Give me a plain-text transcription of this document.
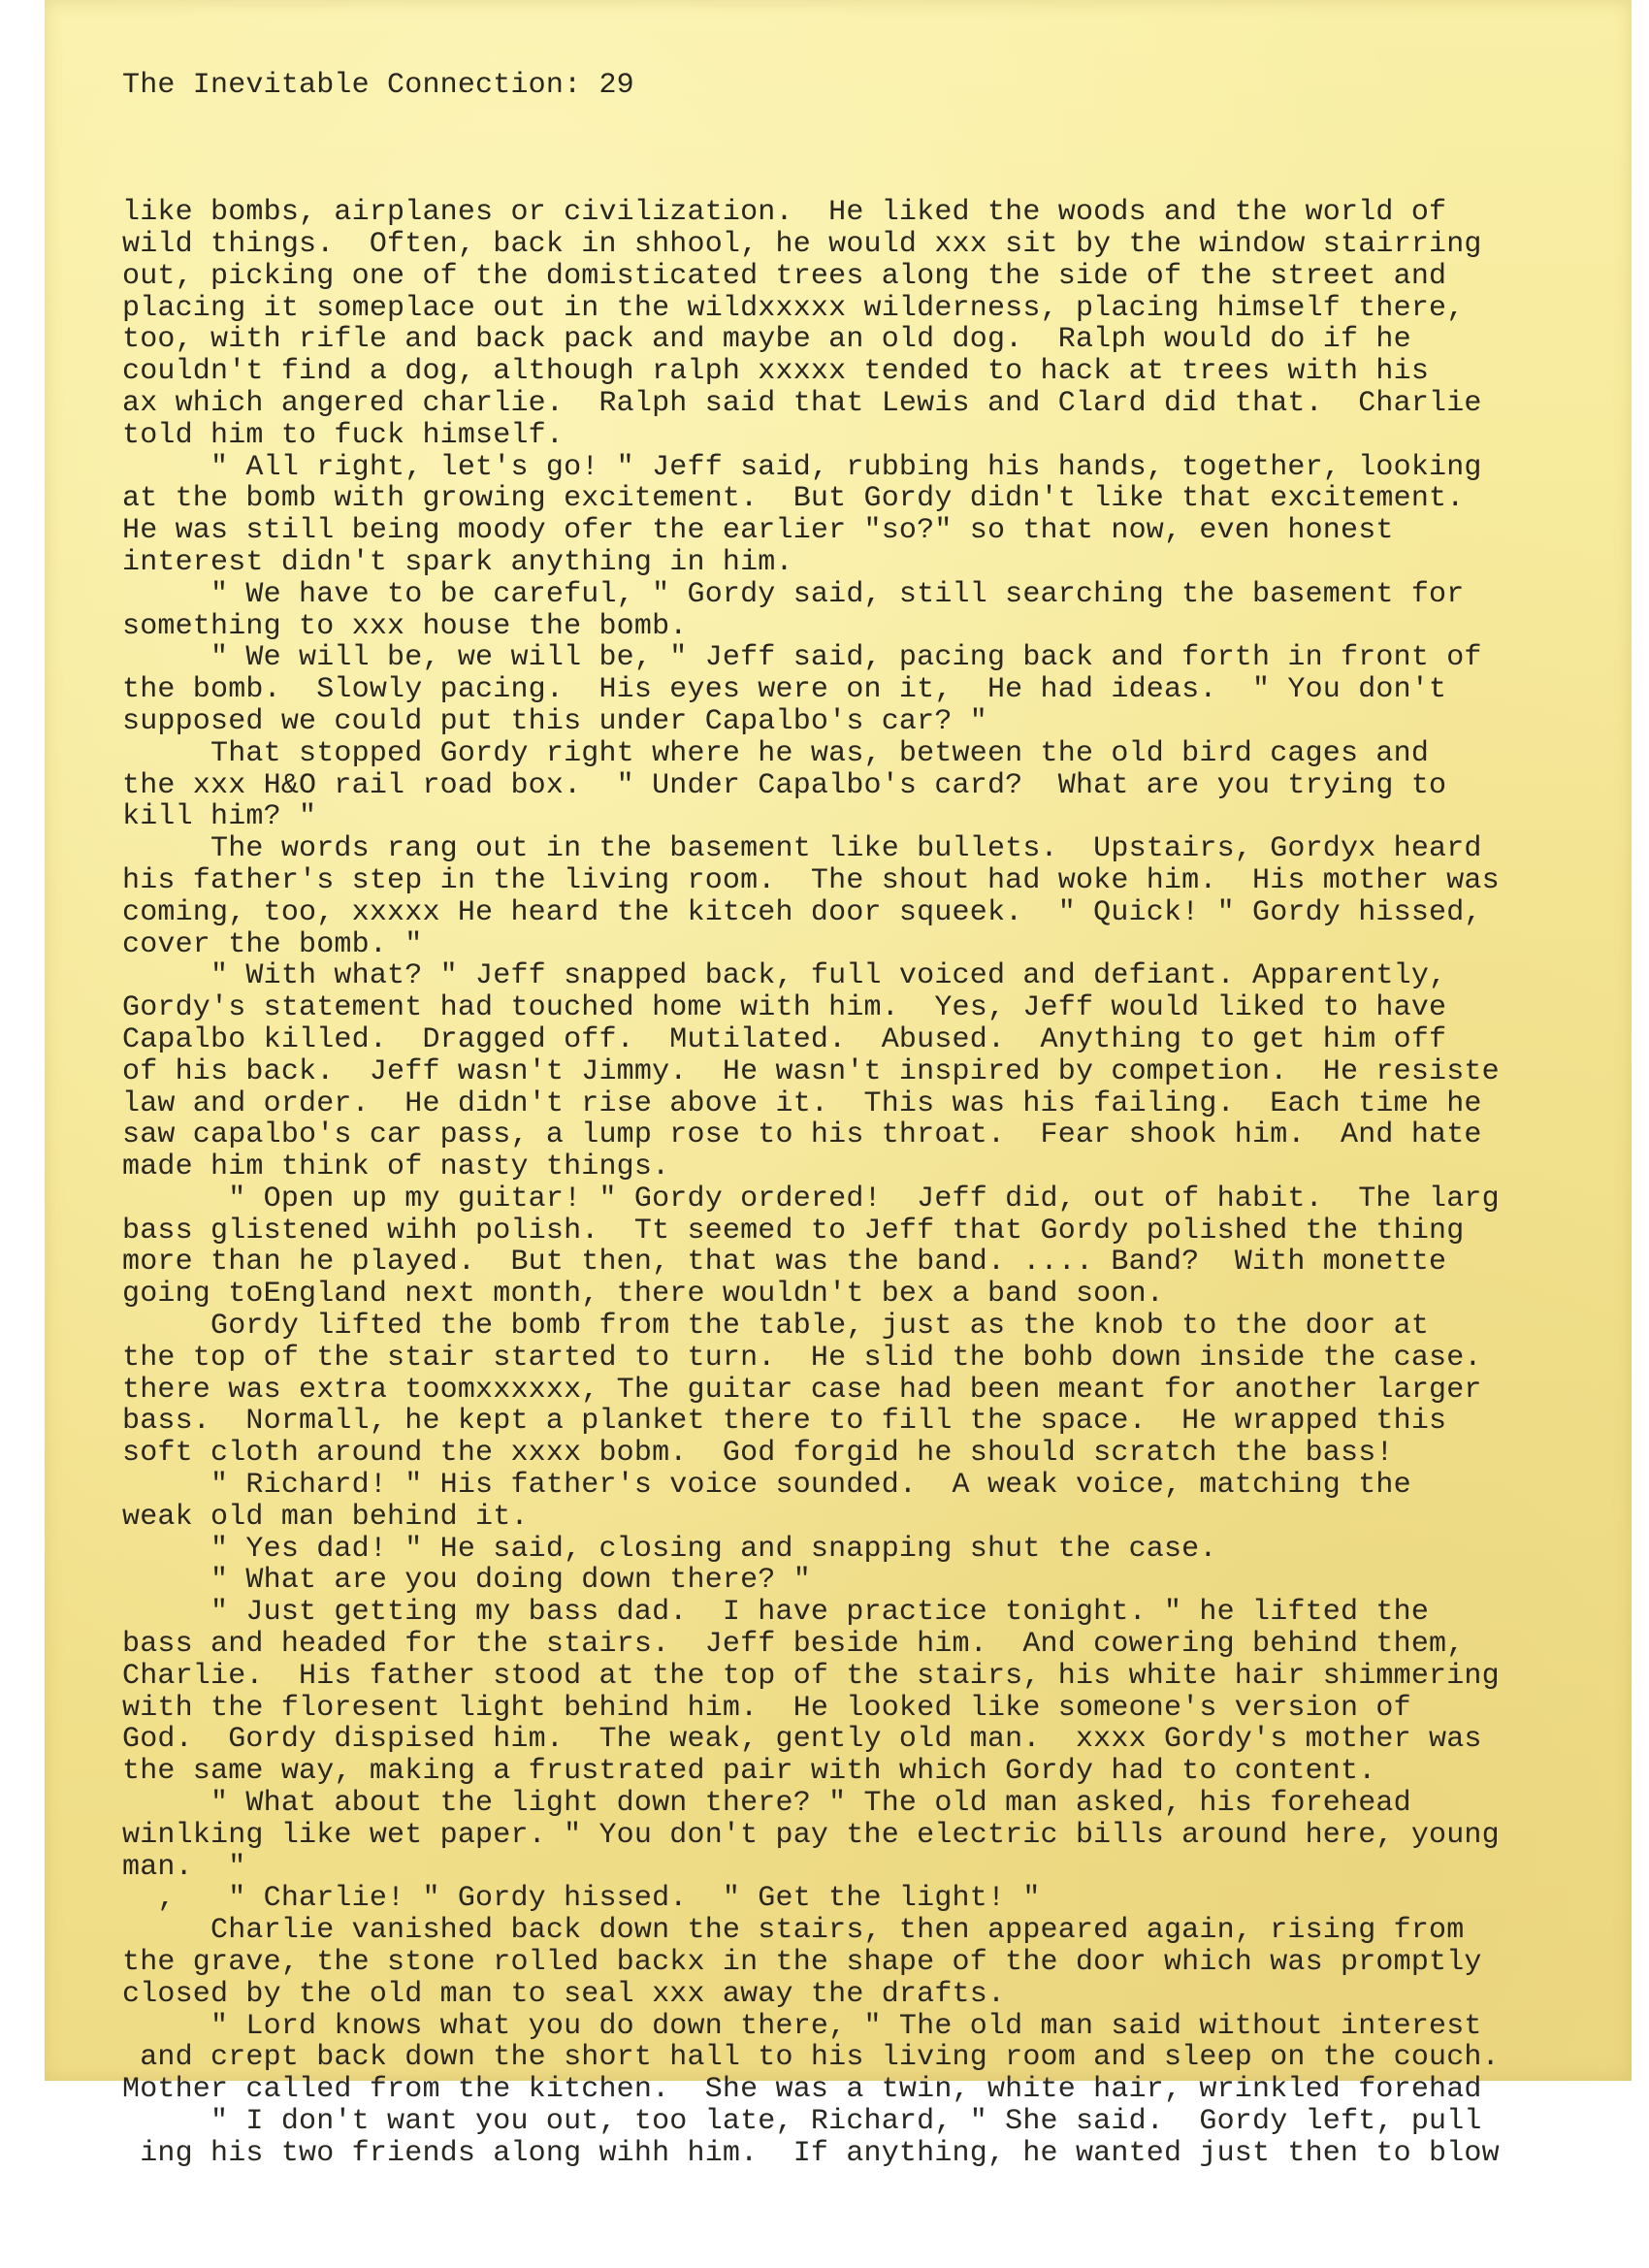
The Inevitable Connection: 29

like bombs, airplanes or civilization.  He liked the woods and the world of
wild things.  Often, back in shhool, he would xxx sit by the window stairring
out, picking one of the domisticated trees along the side of the street and
placing it someplace out in the wildxxxxx wilderness, placing himself there,
too, with rifle and back pack and maybe an old dog.  Ralph would do if he
couldn't find a dog, although ralph xxxxx tended to hack at trees with his
ax which angered charlie.  Ralph said that Lewis and Clard did that.  Charlie
told him to fuck himself.
" All right, let's go! " Jeff said, rubbing his hands, together, looking
at the bomb with growing excitement.  But Gordy didn't like that excitement.
He was still being moody ofer the earlier "so?" so that now, even honest
interest didn't spark anything in him.
" We have to be careful, " Gordy said, still searching the basement for
something to xxx house the bomb.
" We will be, we will be, " Jeff said, pacing back and forth in front of
the bomb.  Slowly pacing.  His eyes were on it,  He had ideas.  " You don't
supposed we could put this under Capalbo's car? "
That stopped Gordy right where he was, between the old bird cages and
the xxx H&O rail road box.  " Under Capalbo's card?  What are you trying to
kill him? "
The words rang out in the basement like bullets.  Upstairs, Gordyx heard
his father's step in the living room.  The shout had woke him.  His mother was
coming, too, xxxxx He heard the kitceh door squeek.  " Quick! " Gordy hissed,
cover the bomb. "
" With what? " Jeff snapped back, full voiced and defiant. Apparently,
Gordy's statement had touched home with him.  Yes, Jeff would liked to have
Capalbo killed.  Dragged off.  Mutilated.  Abused.  Anything to get him off
of his back.  Jeff wasn't Jimmy.  He wasn't inspired by competion.  He resiste
law and order.  He didn't rise above it.  This was his failing.  Each time he
saw capalbo's car pass, a lump rose to his throat.  Fear shook him.  And hate
made him think of nasty things.
" Open up my guitar! " Gordy ordered!  Jeff did, out of habit.  The larg
bass glistened wihh polish.  Tt seemed to Jeff that Gordy polished the thing
more than he played.  But then, that was the band. .... Band?  With monette
going toEngland next month, there wouldn't bex a band soon.
Gordy lifted the bomb from the table, just as the knob to the door at
the top of the stair started to turn.  He slid the bohb down inside the case.
there was extra toomxxxxxx, The guitar case had been meant for another larger
bass.  Normall, he kept a planket there to fill the space.  He wrapped this
soft cloth around the xxxx bobm.  God forgid he should scratch the bass!
" Richard! " His father's voice sounded.  A weak voice, matching the
weak old man behind it.
" Yes dad! " He said, closing and snapping shut the case.
" What are you doing down there? "
" Just getting my bass dad.  I have practice tonight. " he lifted the
bass and headed for the stairs.  Jeff beside him.  And cowering behind them,
Charlie.  His father stood at the top of the stairs, his white hair shimmering
with the floresent light behind him.  He looked like someone's version of
God.  Gordy dispised him.  The weak, gently old man.  xxxx Gordy's mother was
the same way, making a frustrated pair with which Gordy had to content.
" What about the light down there? " The old man asked, his forehead
winlking like wet paper. " You don't pay the electric bills around here, young
man.  "
,   " Charlie! " Gordy hissed.  " Get the light! "
Charlie vanished back down the stairs, then appeared again, rising from
the grave, the stone rolled backx in the shape of the door which was promptly
closed by the old man to seal xxx away the drafts.
" Lord knows what you do down there, " The old man said without interest
and crept back down the short hall to his living room and sleep on the couch.
Mother called from the kitchen.  She was a twin, white hair, wrinkled forehad
" I don't want you out, too late, Richard, " She said.  Gordy left, pull
ing his two friends along wihh him.  If anything, he wanted just then to blow
